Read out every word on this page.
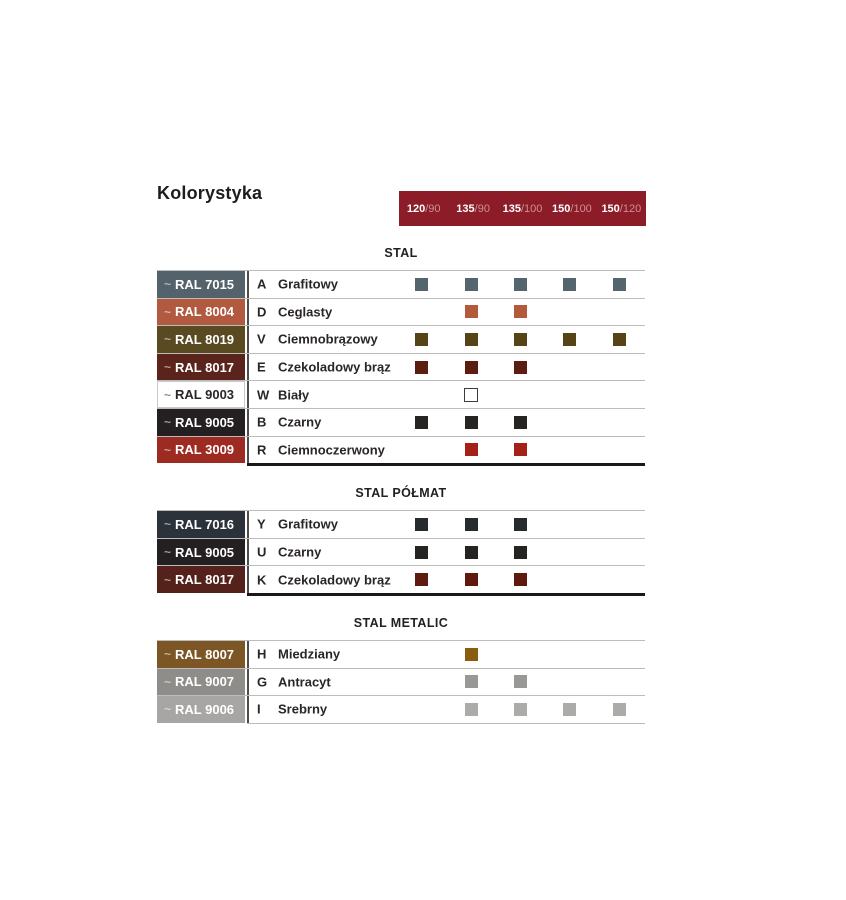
Kolorystyka
120/90	135/90	135/100 150/100 150/120
STAL
~ RAL 7015 A Grafitowy
~ RAL 8004 D Ceglasty
~ RAL 8019 V Ciemnobrązowy
~ RAL 8017 E Czekoladowy brąz
~ RAL 9003 W Biały
~ RAL 9005 B Czarny
~ RAL 3009 R Ciemnoczerwony
STAL PÓŁMAT
~ RAL 7016 Y Grafitowy
~ RAL 9005 U Czarny
~ RAL 8017 K Czekoladowy brąz
STAL METALIC
~ RAL 8007 H Miedziany
~ RAL 9007 G Antracyt
~ RAL 9006 I Srebrny
